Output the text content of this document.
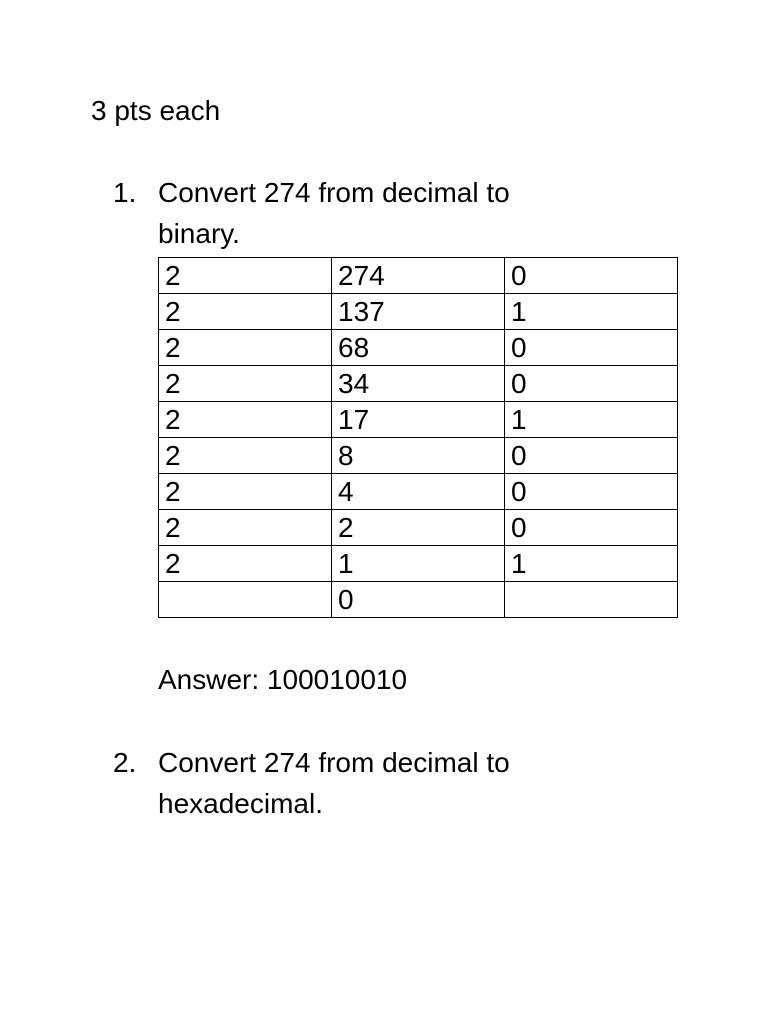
3 pts each

1. Convert 274 from decimal to binary.
2	274	0
2	137	1
2	68	0
2	34	0
2	17	1
2	8	0
2	4	0
2	2	0
2	1	1
	0	
Answer: 100010010
2. Convert 274 from decimal to hexadecimal.
